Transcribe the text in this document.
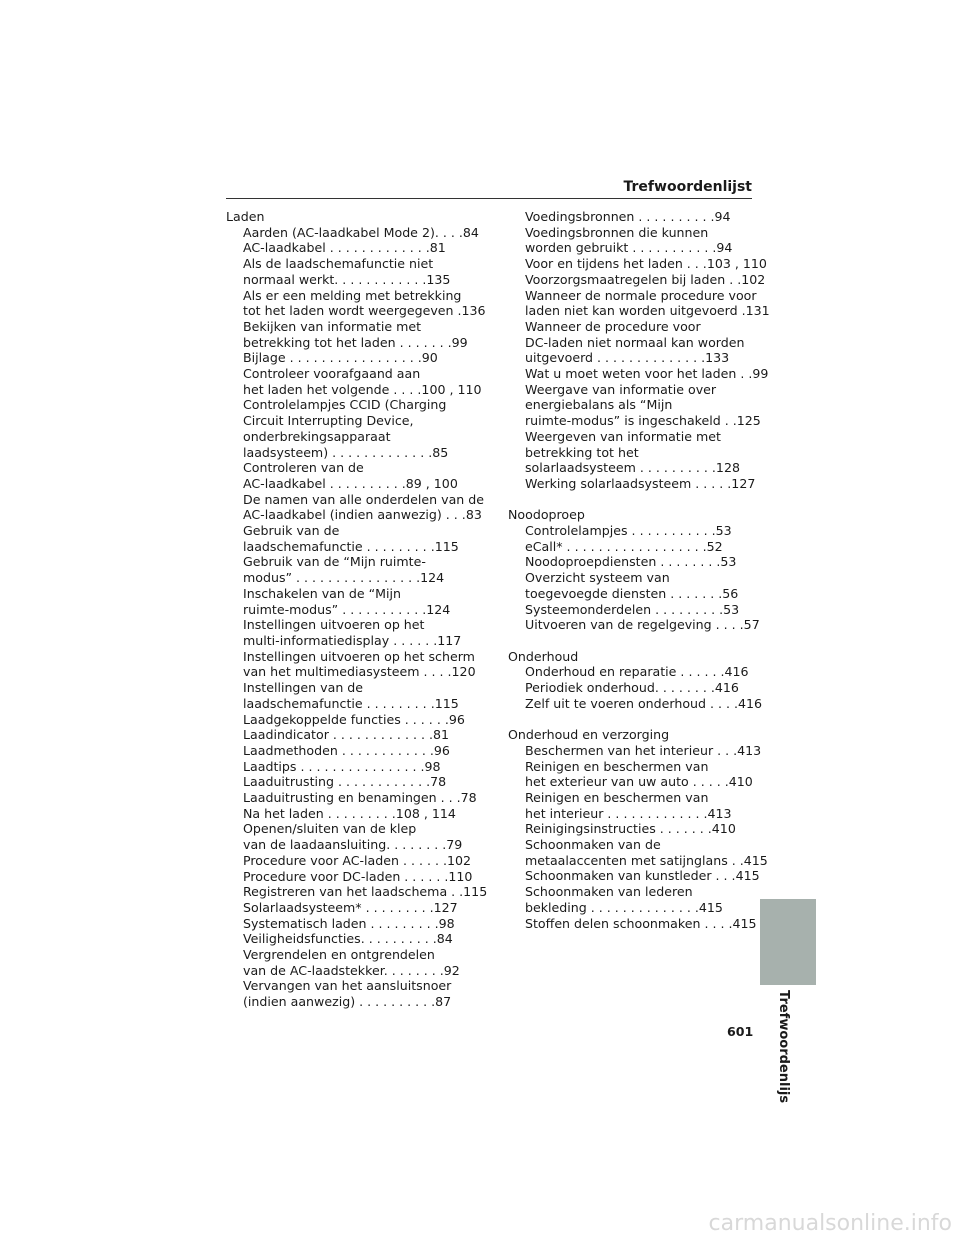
Trefwoordenlijst

Laden

Aarden (AC-laadkabel Mode 2). . . .84

AC-laadkabel . . . . . . . . . . . . .81

Als de laadschemafunctie niet

normaal werkt. . . . . . . . . . . .135

Als er een melding met betrekking

tot het laden wordt weergegeven .136

Bekijken van informatie met

betrekking tot het laden . . . . . . .99

Bijlage . . . . . . . . . . . . . . . . .90

Controleer voorafgaand aan

het laden het volgende . . . .100 , 110

Controlelampjes CCID (Charging

Circuit Interrupting Device,

onderbrekingsapparaat

laadsysteem) . . . . . . . . . . . . .85

Controleren van de

AC-laadkabel . . . . . . . . . .89 , 100

De namen van alle onderdelen van de

AC-laadkabel (indien aanwezig) . . .83

Gebruik van de

laadschemafunctie . . . . . . . . .115

Gebruik van de “Mijn ruimte-

modus” . . . . . . . . . . . . . . . .124

Inschakelen van de “Mijn

ruimte-modus” . . . . . . . . . . .124

Instellingen uitvoeren op het

multi-informatiedisplay . . . . . .117

Instellingen uitvoeren op het scherm

van het multimediasysteem . . . .120

Instellingen van de

laadschemafunctie . . . . . . . . .115

Laadgekoppelde functies . . . . . .96

Laadindicator . . . . . . . . . . . . .81

Laadmethoden . . . . . . . . . . . .96

Laadtips . . . . . . . . . . . . . . . .98

Laaduitrusting . . . . . . . . . . . .78

Laaduitrusting en benamingen . . .78

Na het laden . . . . . . . . .108 , 114

Openen/sluiten van de klep

van de laadaansluiting. . . . . . . .79

Procedure voor AC-laden . . . . . .102

Procedure voor DC-laden . . . . . .110

Registreren van het laadschema . .115

Solarlaadsysteem* . . . . . . . . .127

Systematisch laden . . . . . . . . .98

Veiligheidsfuncties. . . . . . . . . .84

Vergrendelen en ontgrendelen

van de AC-laadstekker. . . . . . . .92

Vervangen van het aansluitsnoer

(indien aanwezig) . . . . . . . . . .87

Voedingsbronnen . . . . . . . . . .94

Voedingsbronnen die kunnen

worden gebruikt . . . . . . . . . . .94

Voor en tijdens het laden . . .103 , 110

Voorzorgsmaatregelen bij laden . .102

Wanneer de normale procedure voor

laden niet kan worden uitgevoerd .131

Wanneer de procedure voor

DC-laden niet normaal kan worden

uitgevoerd . . . . . . . . . . . . . .133

Wat u moet weten voor het laden . .99

Weergave van informatie over

energiebalans als “Mijn

ruimte-modus” is ingeschakeld . .125

Weergeven van informatie met

betrekking tot het

solarlaadsysteem . . . . . . . . . .128

Werking solarlaadsysteem . . . . .127

Noodoproep

Controlelampjes . . . . . . . . . . .53

eCall* . . . . . . . . . . . . . . . . . .52

Noodoproepdiensten . . . . . . . .53

Overzicht systeem van

toegevoegde diensten . . . . . . .56

Systeemonderdelen . . . . . . . . .53

Uitvoeren van de regelgeving . . . .57

Onderhoud

Onderhoud en reparatie . . . . . .416

Periodiek onderhoud. . . . . . . .416

Zelf uit te voeren onderhoud . . . .416

Onderhoud en verzorging

Beschermen van het interieur . . .413

Reinigen en beschermen van

het exterieur van uw auto . . . . .410

Reinigen en beschermen van

het interieur . . . . . . . . . . . . .413

Reinigingsinstructies . . . . . . .410

Schoonmaken van de

metaalaccenten met satijnglans . .415

Schoonmaken van kunstleder . . .415

Schoonmaken van lederen

bekleding . . . . . . . . . . . . . .415

Stoffen delen schoonmaken . . . .415

Trefwoordenlijs
601
carmanualsonline.info
